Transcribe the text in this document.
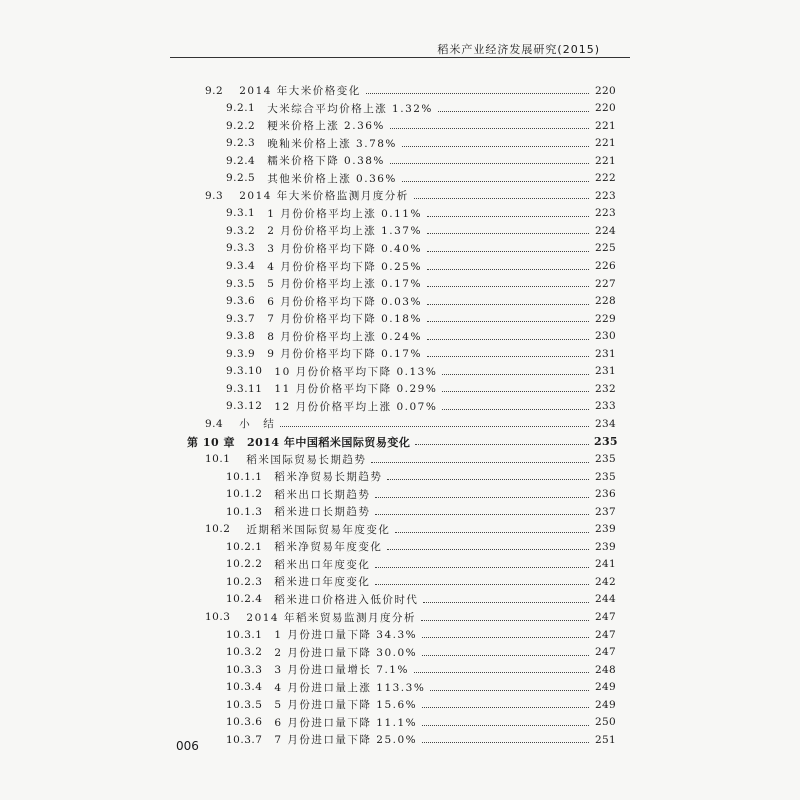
稻米产业经济发展研究(2015)
9.2 2014 年大米价格变化	220
9.2.1 大米综合平均价格上涨 1.32%	220
9.2.2 粳米价格上涨 2.36%	221
9.2.3 晚籼米价格上涨 3.78%	221
9.2.4 糯米价格下降 0.38%	221
9.2.5 其他米价格上涨 0.36%	222
9.3 2014 年大米价格监测月度分析	223
9.3.1 1 月份价格平均上涨 0.11%	223
9.3.2 2 月份价格平均上涨 1.37%	224
9.3.3 3 月份价格平均下降 0.40%	225
9.3.4 4 月份价格平均下降 0.25%	226
9.3.5 5 月份价格平均上涨 0.17%	227
9.3.6 6 月份价格平均下降 0.03%	228
9.3.7 7 月份价格平均下降 0.18%	229
9.3.8 8 月份价格平均上涨 0.24%	230
9.3.9 9 月份价格平均下降 0.17%	231
9.3.10 10 月份价格平均下降 0.13%	231
9.3.11 11 月份价格平均下降 0.29%	232
9.3.12 12 月份价格平均上涨 0.07%	233
9.4 小　结	234
第 10 章 2014 年中国稻米国际贸易变化	235
10.1 稻米国际贸易长期趋势	235
10.1.1 稻米净贸易长期趋势	235
10.1.2 稻米出口长期趋势	236
10.1.3 稻米进口长期趋势	237
10.2 近期稻米国际贸易年度变化	239
10.2.1 稻米净贸易年度变化	239
10.2.2 稻米出口年度变化	241
10.2.3 稻米进口年度变化	242
10.2.4 稻米进口价格进入低价时代	244
10.3 2014 年稻米贸易监测月度分析	247
10.3.1 1 月份进口量下降 34.3%	247
10.3.2 2 月份进口量下降 30.0%	247
10.3.3 3 月份进口量增长 7.1%	248
10.3.4 4 月份进口量上涨 113.3%	249
10.3.5 5 月份进口量下降 15.6%	249
10.3.6 6 月份进口量下降 11.1%	250
10.3.7 7 月份进口量下降 25.0%	251
006
